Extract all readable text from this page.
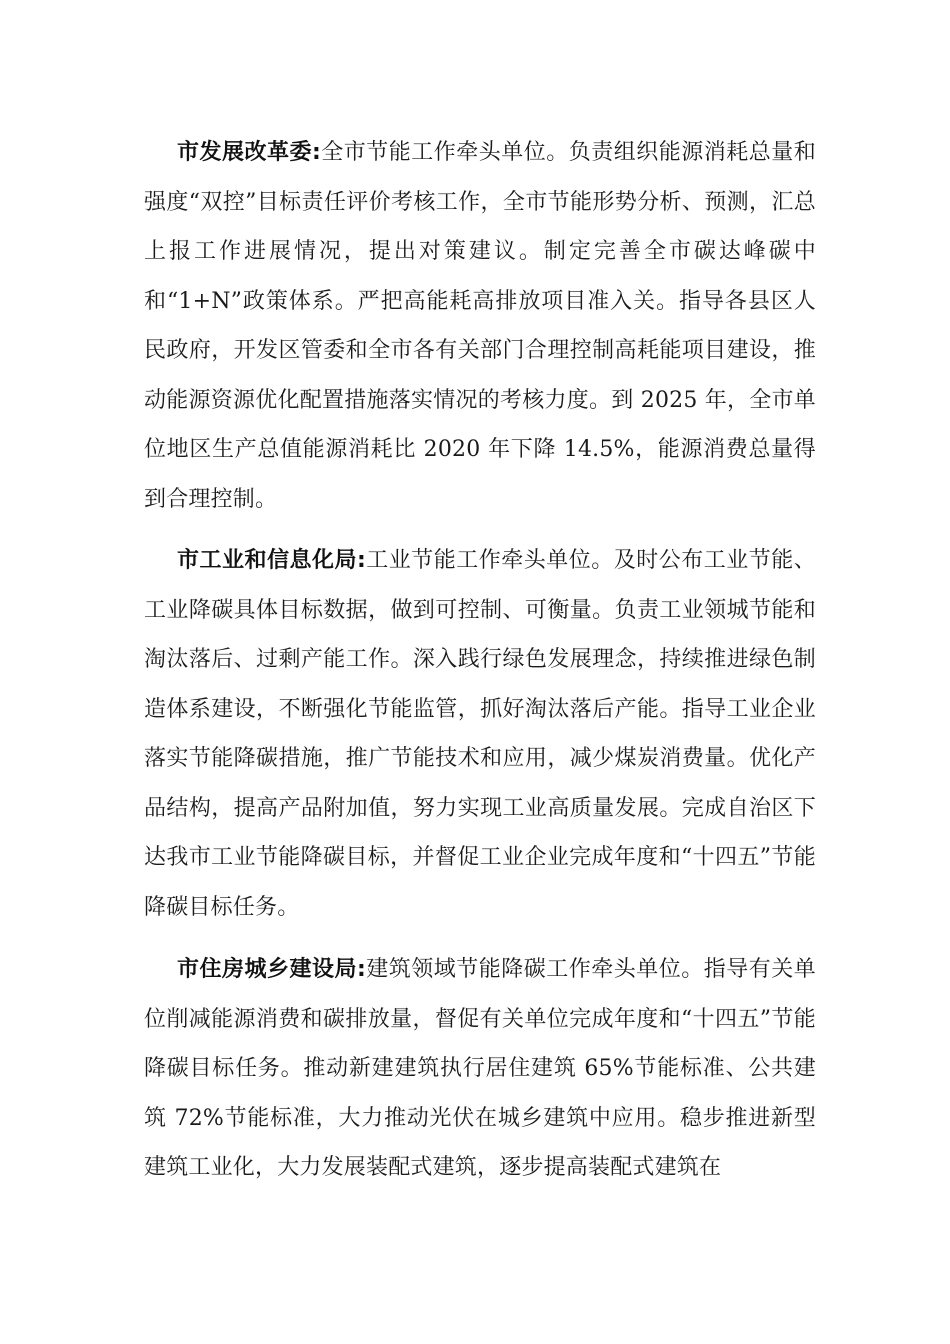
市发展改革委:全市节能工作牵头单位。负责组织能源消耗总量和强度“双控”目标责任评价考核工作，全市节能形势分析、预测，汇总上报工作进展情况，提出对策建议。制定完善全市碳达峰碳中和“1+N”政策体系。严把高能耗高排放项目准入关。指导各县区人民政府，开发区管委和全市各有关部门合理控制高耗能项目建设，推动能源资源优化配置措施落实情况的考核力度。到 2025 年，全市单位地区生产总值能源消耗比 2020 年下降 14.5%，能源消费总量得到合理控制。

市工业和信息化局:工业节能工作牵头单位。及时公布工业节能、工业降碳具体目标数据，做到可控制、可衡量。负责工业领城节能和淘汰落后、过剩产能工作。深入践行绿色发展理念，持续推进绿色制造体系建设，不断强化节能监管，抓好淘汰落后产能。指导工业企业落实节能降碳措施，推广节能技术和应用，减少煤炭消费量。优化产品结构，提高产品附加值，努力实现工业高质量发展。完成自治区下达我市工业节能降碳目标，并督促工业企业完成年度和“十四五”节能降碳目标任务。

市住房城乡建设局:建筑领域节能降碳工作牵头单位。指导有关单位削减能源消费和碳排放量，督促有关单位完成年度和“十四五”节能降碳目标任务。推动新建建筑执行居住建筑 65%节能标准、公共建筑 72%节能标准，大力推动光伏在城乡建筑中应用。稳步推进新型建筑工业化，大力发展装配式建筑，逐步提高装配式建筑在
